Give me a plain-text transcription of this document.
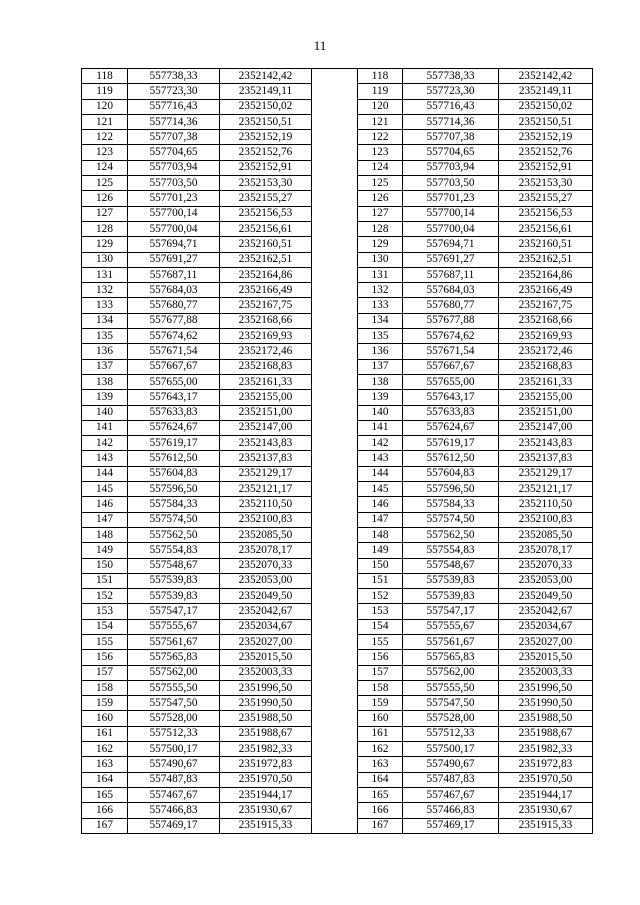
11
118	557738,33	2352142,42		118	557738,33	2352142,42
119	557723,30	2352149,11		119	557723,30	2352149,11
120	557716,43	2352150,02		120	557716,43	2352150,02
121	557714,36	2352150,51		121	557714,36	2352150,51
122	557707,38	2352152,19		122	557707,38	2352152,19
123	557704,65	2352152,76		123	557704,65	2352152,76
124	557703,94	2352152,91		124	557703,94	2352152,91
125	557703,50	2352153,30		125	557703,50	2352153,30
126	557701,23	2352155,27		126	557701,23	2352155,27
127	557700,14	2352156,53		127	557700,14	2352156,53
128	557700,04	2352156,61		128	557700,04	2352156,61
129	557694,71	2352160,51		129	557694,71	2352160,51
130	557691,27	2352162,51		130	557691,27	2352162,51
131	557687,11	2352164,86		131	557687,11	2352164,86
132	557684,03	2352166,49		132	557684,03	2352166,49
133	557680,77	2352167,75		133	557680,77	2352167,75
134	557677,88	2352168,66		134	557677,88	2352168,66
135	557674,62	2352169,93		135	557674,62	2352169,93
136	557671,54	2352172,46		136	557671,54	2352172,46
137	557667,67	2352168,83		137	557667,67	2352168,83
138	557655,00	2352161,33		138	557655,00	2352161,33
139	557643,17	2352155,00		139	557643,17	2352155,00
140	557633,83	2352151,00		140	557633,83	2352151,00
141	557624,67	2352147,00		141	557624,67	2352147,00
142	557619,17	2352143,83		142	557619,17	2352143,83
143	557612,50	2352137,83		143	557612,50	2352137,83
144	557604,83	2352129,17		144	557604,83	2352129,17
145	557596,50	2352121,17		145	557596,50	2352121,17
146	557584,33	2352110,50		146	557584,33	2352110,50
147	557574,50	2352100,83		147	557574,50	2352100,83
148	557562,50	2352085,50		148	557562,50	2352085,50
149	557554,83	2352078,17		149	557554,83	2352078,17
150	557548,67	2352070,33		150	557548,67	2352070,33
151	557539,83	2352053,00		151	557539,83	2352053,00
152	557539,83	2352049,50		152	557539,83	2352049,50
153	557547,17	2352042,67		153	557547,17	2352042,67
154	557555,67	2352034,67		154	557555,67	2352034,67
155	557561,67	2352027,00		155	557561,67	2352027,00
156	557565,83	2352015,50		156	557565,83	2352015,50
157	557562,00	2352003,33		157	557562,00	2352003,33
158	557555,50	2351996,50		158	557555,50	2351996,50
159	557547,50	2351990,50		159	557547,50	2351990,50
160	557528,00	2351988,50		160	557528,00	2351988,50
161	557512,33	2351988,67		161	557512,33	2351988,67
162	557500,17	2351982,33		162	557500,17	2351982,33
163	557490,67	2351972,83		163	557490,67	2351972,83
164	557487,83	2351970,50		164	557487,83	2351970,50
165	557467,67	2351944,17		165	557467,67	2351944,17
166	557466,83	2351930,67		166	557466,83	2351930,67
167	557469,17	2351915,33		167	557469,17	2351915,33
